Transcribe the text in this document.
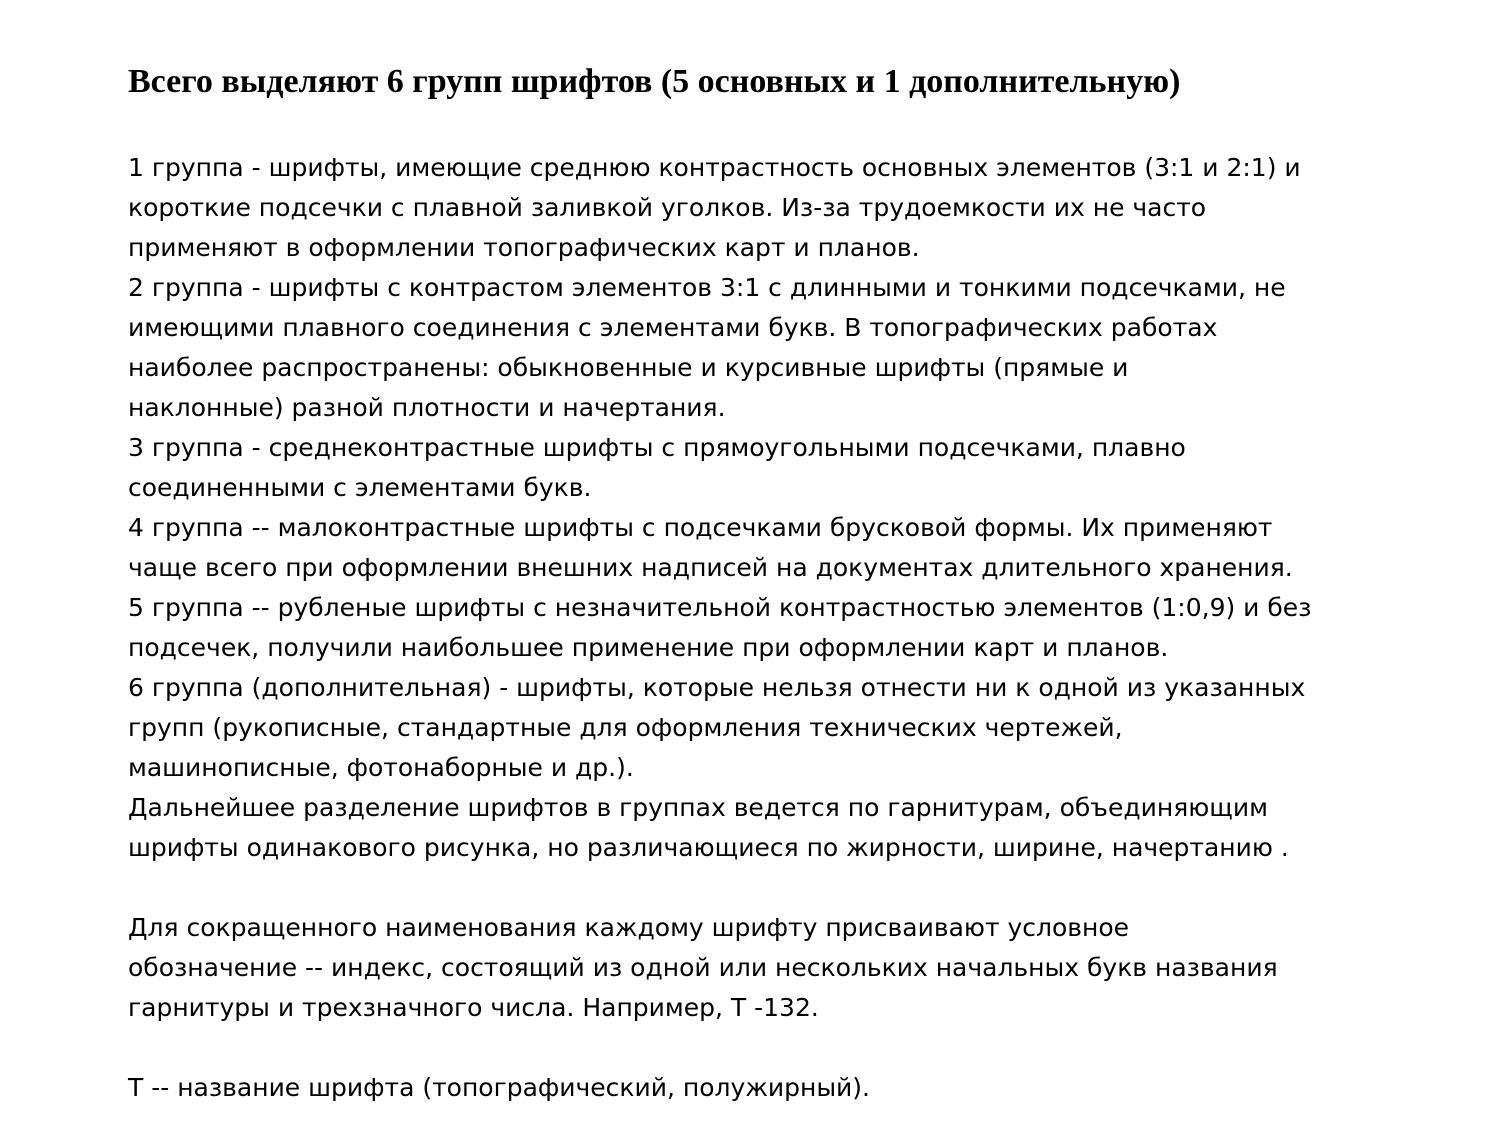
Всего выделяют 6 групп шрифтов (5 основных и 1 дополнительную)
1 группа - шрифты, имеющие среднюю контрастность основных элементов (3:1 и 2:1) и
короткие подсечки с плавной заливкой уголков. Из-за трудоемкости их не часто
применяют в оформлении топографических карт и планов.
2 группа - шрифты с контрастом элементов 3:1 с длинными и тонкими подсечками, не
имеющими плавного соединения с элементами букв. В топографических работах
наиболее распространены: обыкновенные и курсивные шрифты (прямые и
наклонные) разной плотности и начертания.
3 группа - среднеконтрастные шрифты с прямоугольными подсечками, плавно
соединенными с элементами букв.
4 группа -- малоконтрастные шрифты с подсечками брусковой формы. Их применяют
чаще всего при оформлении внешних надписей на документах длительного хранения.
5 группа -- рубленые шрифты с незначительной контрастностью элементов (1:0,9) и без
подсечек, получили наибольшее применение при оформлении карт и планов.
6 группа (дополнительная) - шрифты, которые нельзя отнести ни к одной из указанных
групп (рукописные, стандартные для оформления технических чертежей,
машинописные, фотонаборные и др.).
Дальнейшее разделение шрифтов в группах ведется по гарнитурам, объединяющим
шрифты одинакового рисунка, но различающиеся по жирности, ширине, начертанию .
Для сокращенного наименования каждому шрифту присваивают условное
обозначение -- индекс, состоящий из одной или нескольких начальных букв названия
гарнитуры и трехзначного числа. Например, Т -132.
Т -- название шрифта (топографический, полужирный).
